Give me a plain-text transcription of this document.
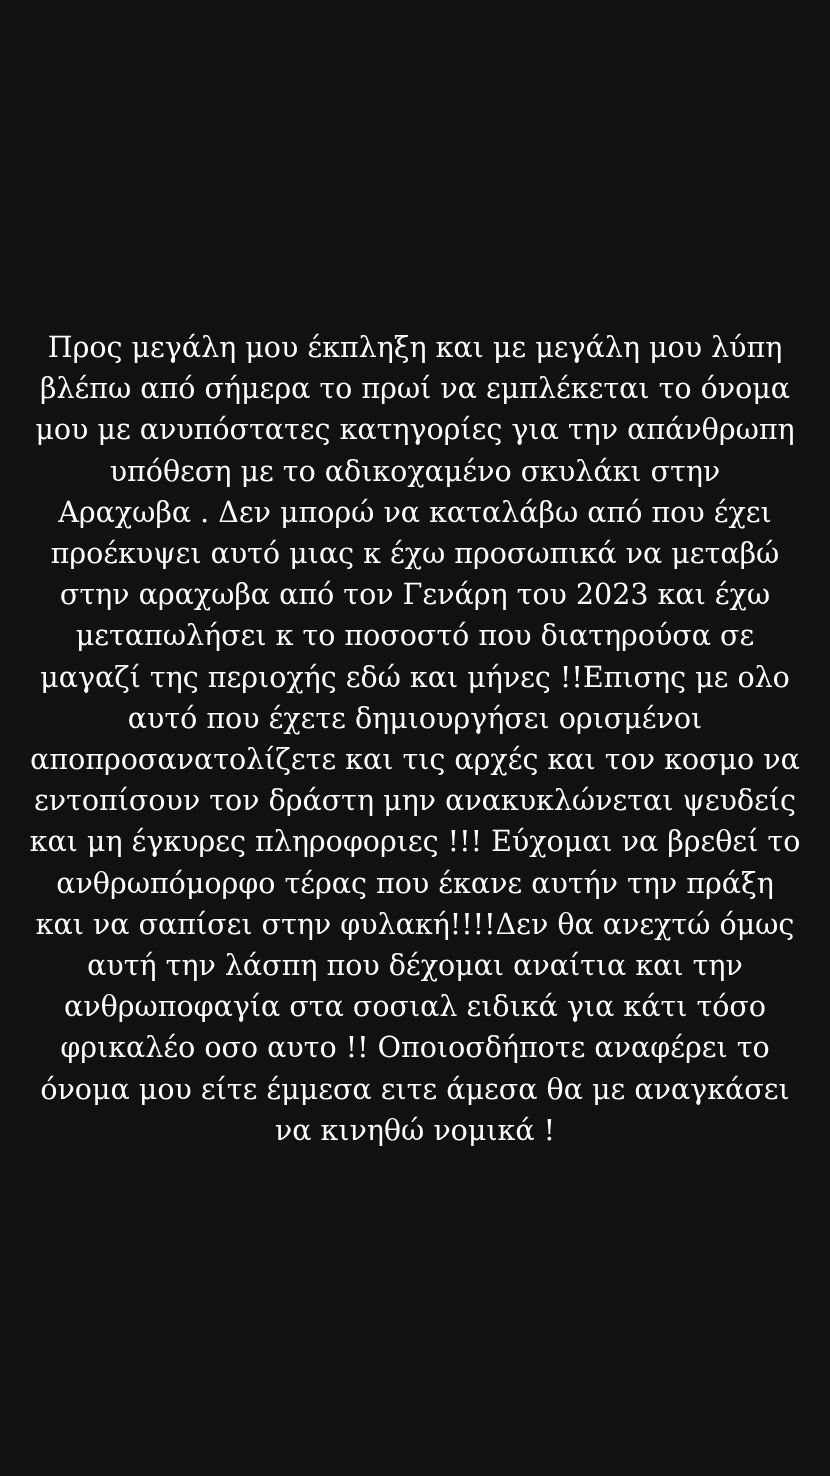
Προς μεγάλη μου έκπληξη και με μεγάλη μου λύπη
βλέπω από σήμερα το πρωί να εμπλέκεται το όνομα
μου με ανυπόστατες κατηγορίες για την απάνθρωπη
υπόθεση με το αδικοχαμένο σκυλάκι στην
Αραχωβα . Δεν μπορώ να καταλάβω από που έχει
προέκυψει αυτό μιας κ έχω προσωπικά να μεταβώ
στην αραχωβα από τον Γενάρη του 2023 και έχω
μεταπωλήσει κ το ποσοστό που διατηρούσα σε
μαγαζί της περιοχής εδώ και μήνες !!Επισης με ολο
αυτό που έχετε δημιουργήσει ορισμένοι
αποπροσανατολίζετε και τις αρχές και τον κοσμο να
εντοπίσουν τον δράστη μην ανακυκλώνεται ψευδείς
και μη έγκυρες πληροφοριες !!! Εύχομαι να βρεθεί το
ανθρωπόμορφο τέρας που έκανε αυτήν την πράξη
και να σαπίσει στην φυλακή!!!!Δεν θα ανεχτώ όμως
αυτή την λάσπη που δέχομαι αναίτια και την
ανθρωποφαγία στα σοσιαλ ειδικά για κάτι τόσο
φρικαλέο οσο αυτο !! Οποιοσδήποτε αναφέρει το
όνομα μου είτε έμμεσα ειτε άμεσα θα με αναγκάσει
να κινηθώ νομικά !
